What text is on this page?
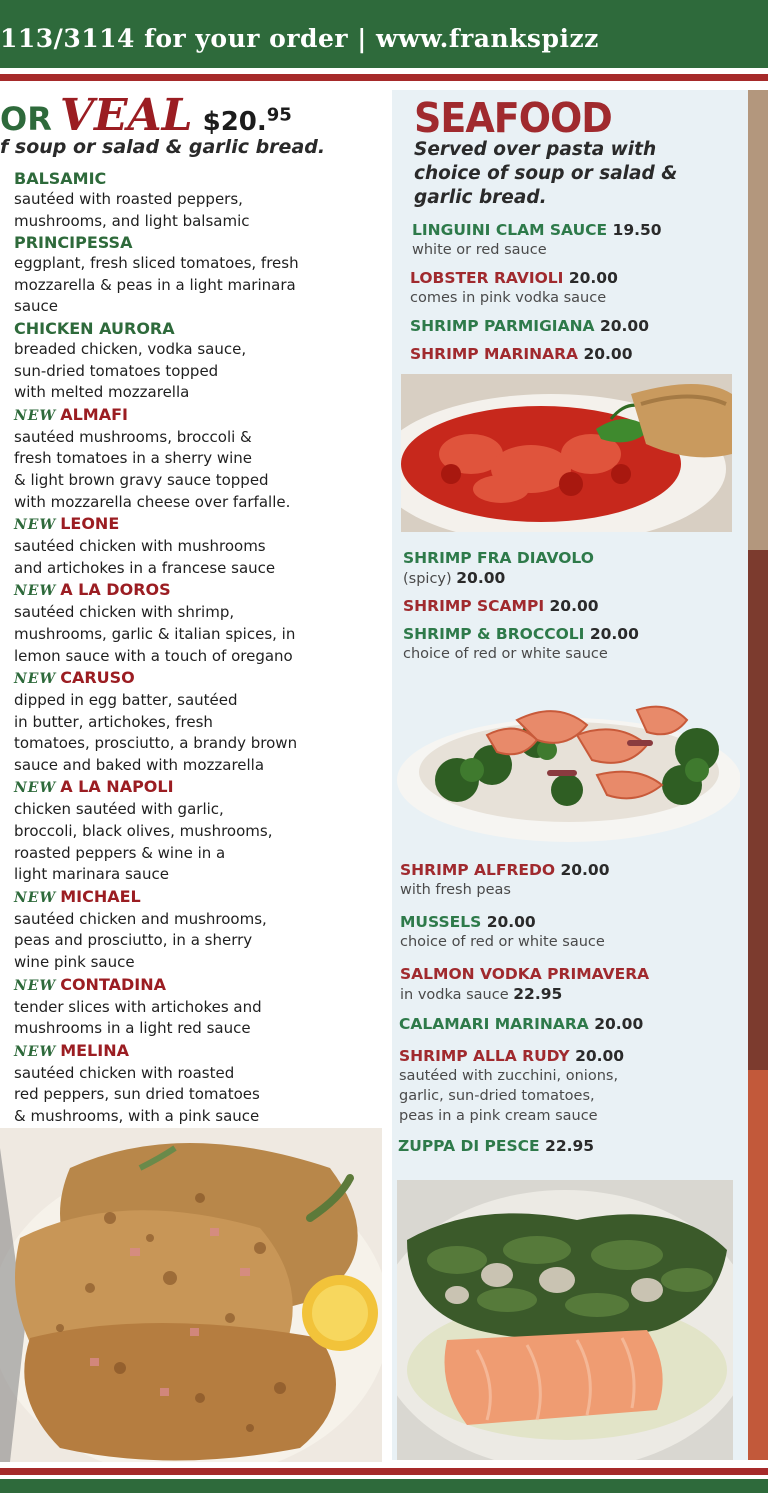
113/3114 for your order | www.frankspizz
OR VEAL $20.95
f soup or salad & garlic bread.
BALSAMIC
sautéed with roasted peppers,
mushrooms, and light balsamic
PRINCIPESSA
eggplant, fresh sliced tomatoes, fresh
mozzarella & peas in a light marinara
sauce
CHICKEN AURORA
breaded chicken, vodka sauce,
sun-dried tomatoes topped
with melted mozzarella
NEW ALMAFI
sautéed mushrooms, broccoli &
fresh tomatoes in a sherry wine
& light brown gravy sauce topped
with mozzarella cheese over farfalle.
NEW LEONE
sautéed chicken with mushrooms
and artichokes in a francese sauce
NEW A LA DOROS
sautéed chicken with shrimp,
mushrooms, garlic & italian spices, in
lemon sauce with a touch of oregano
NEW CARUSO
dipped in egg batter, sautéed
in butter, artichokes, fresh
tomatoes, prosciutto, a brandy brown
sauce and baked with mozzarella
NEW A LA NAPOLI
chicken sautéed with garlic,
broccoli, black olives, mushrooms,
roasted peppers & wine in a
light marinara sauce
NEW MICHAEL
sautéed chicken and mushrooms,
peas and prosciutto, in a sherry
wine pink sauce
NEW CONTADINA
tender slices with artichokes and
mushrooms in a light red sauce
NEW MELINA
sautéed chicken with roasted
red peppers, sun dried tomatoes
& mushrooms, with a pink sauce
SEAFOOD
Served over pasta with
choice of soup or salad &
garlic bread.
LINGUINI CLAM SAUCE 19.50
white or red sauce
LOBSTER RAVIOLI 20.00
comes in pink vodka sauce
SHRIMP PARMIGIANA 20.00
SHRIMP MARINARA 20.00
SHRIMP FRA DIAVOLO
(spicy) 20.00
SHRIMP SCAMPI 20.00
SHRIMP & BROCCOLI 20.00
choice of red or white sauce
SHRIMP ALFREDO 20.00
with fresh peas
MUSSELS 20.00
choice of red or white sauce
SALMON VODKA PRIMAVERA
in vodka sauce 22.95
CALAMARI MARINARA 20.00
SHRIMP ALLA RUDY 20.00
sautéed with zucchini, onions,
garlic, sun-dried tomatoes,
peas in a pink cream sauce
ZUPPA DI PESCE 22.95
